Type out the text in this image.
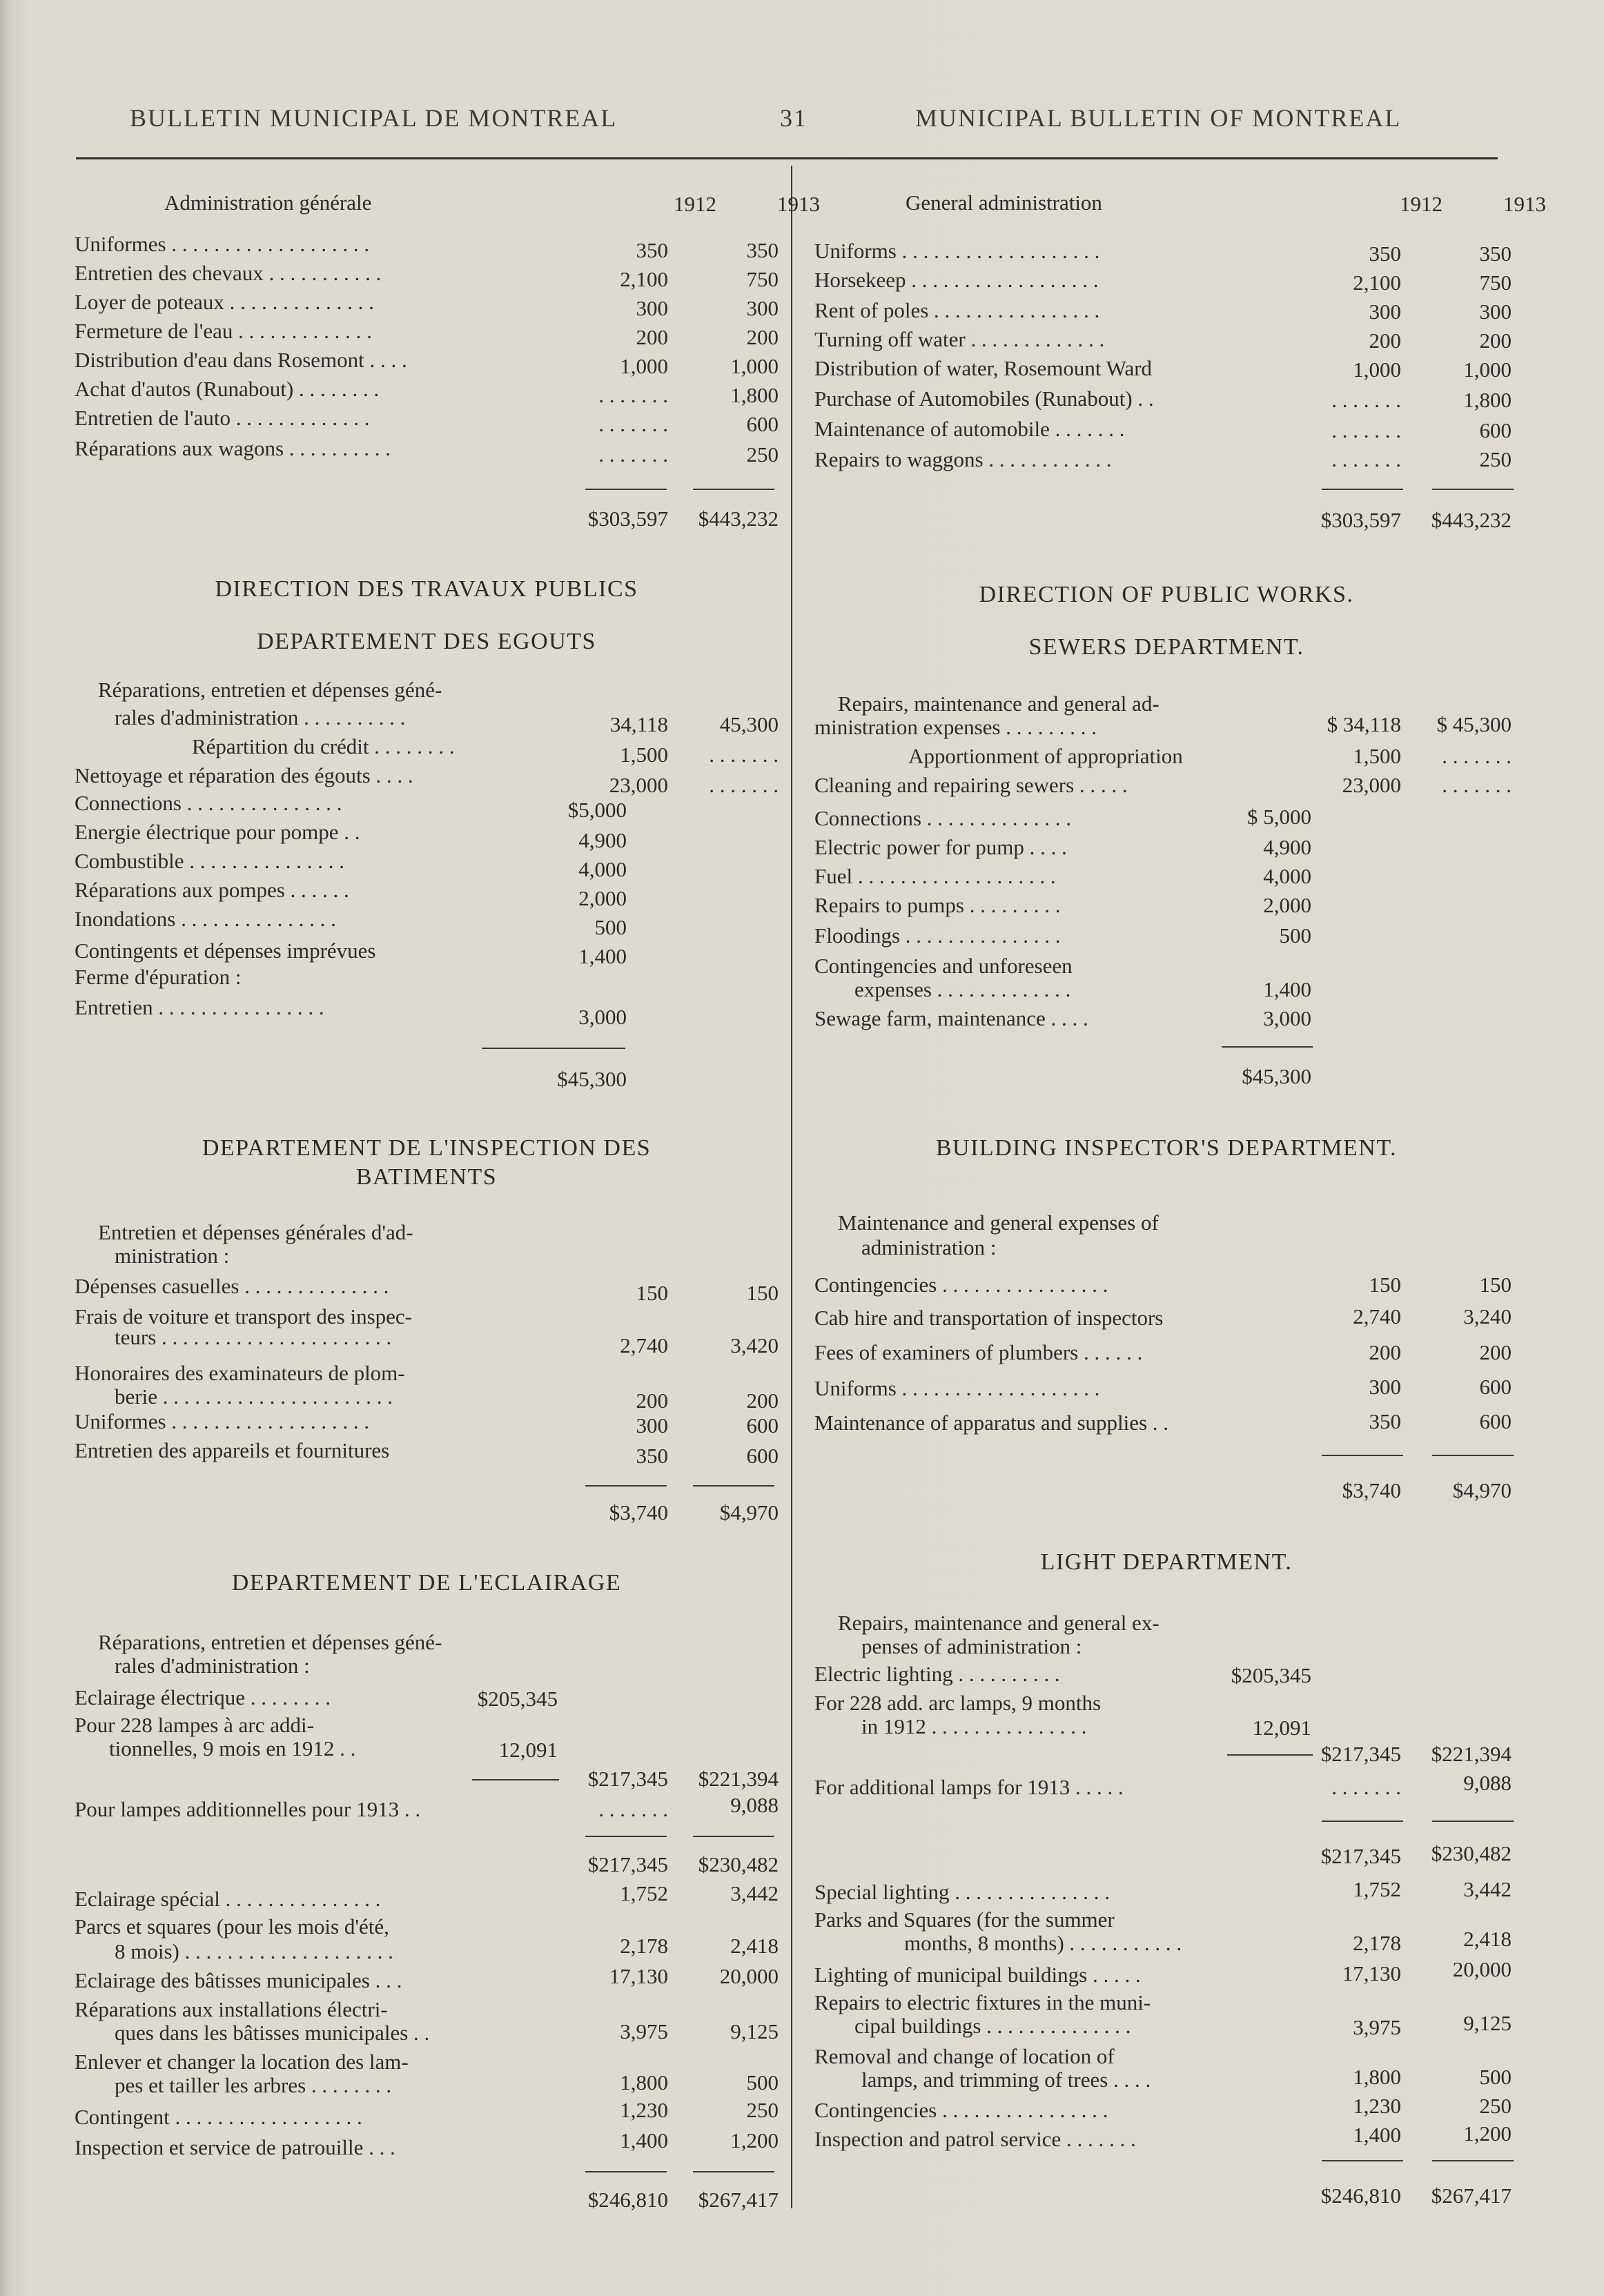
BULLETIN MUNICIPAL DE MONTREAL	31	MUNICIPAL BULLETIN OF MONTREAL
Administration générale	1912	1913
Uniformes . . . . . . . . . . . . . . . . . . .	350	350
Entretien des chevaux . . . . . . . . . . .	2,100	750
Loyer de poteaux . . . . . . . . . . . . . .	300	300
Fermeture de l'eau . . . . . . . . . . . . .	200	200
Distribution d'eau dans Rosemont . . . .	1,000	1,000
Achat d'autos (Runabout) . . . . . . . .	. . . . . . .	1,800
Entretien de l'auto . . . . . . . . . . . . .	. . . . . . .	600
Réparations aux wagons . . . . . . . . . .	. . . . . . .	250
$303,597	$443,232
DIRECTION DES TRAVAUX PUBLICS
DEPARTEMENT DES EGOUTS
Réparations, entretien et dépenses géné-
rales d'administration . . . . . . . . . .	34,118	45,300
Répartition du crédit . . . . . . . .	1,500	. . . . . . .
Nettoyage et réparation des égouts . . . .	23,000	. . . . . . .
Connections . . . . . . . . . . . . . . .	$5,000
Energie électrique pour pompe . .	4,900
Combustible . . . . . . . . . . . . . . .	4,000
Réparations aux pompes . . . . . .	2,000
Inondations . . . . . . . . . . . . . . .	500
Contingents et dépenses imprévues	1,400
Ferme d'épuration :
Entretien . . . . . . . . . . . . . . . .	3,000
$45,300
DEPARTEMENT DE L'INSPECTION DES
BATIMENTS
Entretien et dépenses générales d'ad-
ministration :
Dépenses casuelles . . . . . . . . . . . . . .	150	150
Frais de voiture et transport des inspec-
teurs . . . . . . . . . . . . . . . . . . . . . .	2,740	3,420
Honoraires des examinateurs de plom-
berie . . . . . . . . . . . . . . . . . . . . . .	200	200
Uniformes . . . . . . . . . . . . . . . . . . .	300	600
Entretien des appareils et fournitures	350	600
$3,740	$4,970
DEPARTEMENT DE L'ECLAIRAGE
Réparations, entretien et dépenses géné-
rales d'administration :
Eclairage électrique . . . . . . . .	$205,345
Pour 228 lampes à arc addi-
tionnelles, 9 mois en 1912 . .	12,091
$217,345	$221,394
Pour lampes additionnelles pour 1913 . .	. . . . . . .	9,088
$217,345	$230,482
Eclairage spécial . . . . . . . . . . . . . . .	1,752	3,442
Parcs et squares (pour les mois d'été,
8 mois) . . . . . . . . . . . . . . . . . . . .	2,178	2,418
Eclairage des bâtisses municipales . . .	17,130	20,000
Réparations aux installations électri-
ques dans les bâtisses municipales . .	3,975	9,125
Enlever et changer la location des lam-
pes et tailler les arbres . . . . . . . .	1,800	500
Contingent . . . . . . . . . . . . . . . . . .	1,230	250
Inspection et service de patrouille . . .	1,400	1,200
$246,810	$267,417
General administration	1912	1913
Uniforms . . . . . . . . . . . . . . . . . . .	350	350
Horsekeep . . . . . . . . . . . . . . . . . .	2,100	750
Rent of poles . . . . . . . . . . . . . . . .	300	300
Turning off water . . . . . . . . . . . . .	200	200
Distribution of water, Rosemount Ward	1,000	1,000
Purchase of Automobiles (Runabout) . .	. . . . . . .	1,800
Maintenance of automobile . . . . . . .	. . . . . . .	600
Repairs to waggons . . . . . . . . . . . .	. . . . . . .	250
$303,597	$443,232
DIRECTION OF PUBLIC WORKS.
SEWERS DEPARTMENT.
Repairs, maintenance and general ad-
ministration expenses . . . . . . . . .	$ 34,118	$ 45,300
Apportionment of appropriation	1,500	. . . . . . .
Cleaning and repairing sewers . . . . .	23,000	. . . . . . .
Connections . . . . . . . . . . . . . .	$ 5,000
Electric power for pump . . . .	4,900
Fuel . . . . . . . . . . . . . . . . . . .	4,000
Repairs to pumps . . . . . . . . .	2,000
Floodings . . . . . . . . . . . . . . .	500
Contingencies and unforeseen
expenses . . . . . . . . . . . . .	1,400
Sewage farm, maintenance . . . .	3,000
$45,300
BUILDING INSPECTOR'S DEPARTMENT.
Maintenance and general expenses of
administration :
Contingencies . . . . . . . . . . . . . . . .	150	150
Cab hire and transportation of inspectors	2,740	3,240
Fees of examiners of plumbers . . . . . .	200	200
Uniforms . . . . . . . . . . . . . . . . . . .	300	600
Maintenance of apparatus and supplies . .	350	600
$3,740	$4,970
LIGHT DEPARTMENT.
Repairs, maintenance and general ex-
penses of administration :
Electric lighting . . . . . . . . . .	$205,345
For 228 add. arc lamps, 9 months
in 1912 . . . . . . . . . . . . . . .	12,091
$217,345	$221,394
For additional lamps for 1913 . . . . .	. . . . . . .	9,088
$217,345	$230,482
Special lighting . . . . . . . . . . . . . . .	1,752	3,442
Parks and Squares (for the summer
months, 8 months) . . . . . . . . . . .	2,178	2,418
Lighting of municipal buildings . . . . .	17,130	20,000
Repairs to electric fixtures in the muni-
cipal buildings . . . . . . . . . . . . . .	3,975	9,125
Removal and change of location of
lamps, and trimming of trees . . . .	1,800	500
Contingencies . . . . . . . . . . . . . . . .	1,230	250
Inspection and patrol service . . . . . . .	1,400	1,200
$246,810	$267,417
